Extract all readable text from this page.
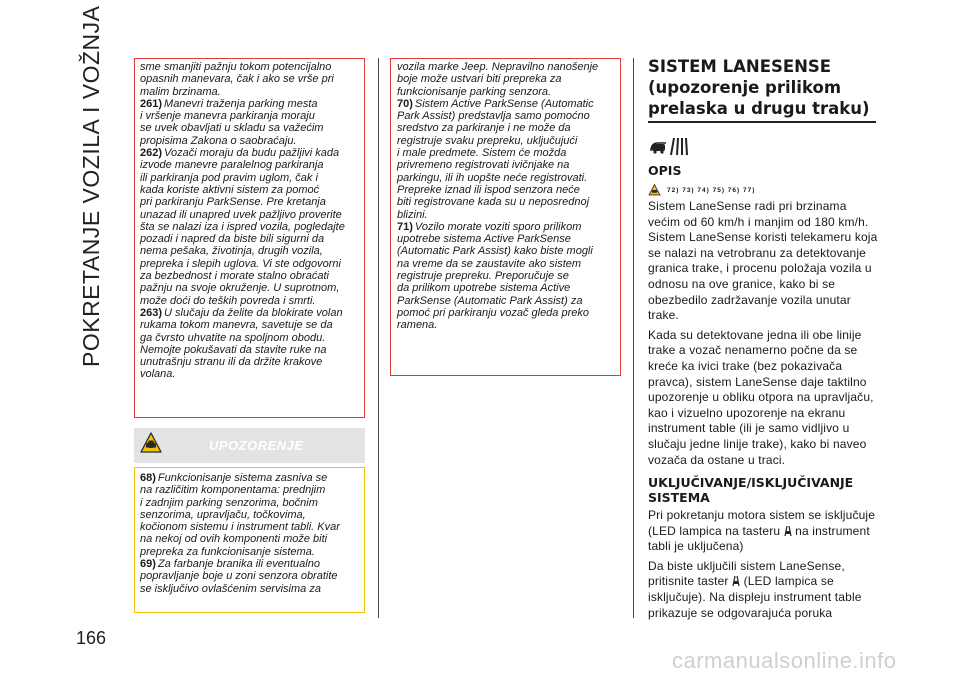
POKRETANJE VOZILA I VOŽNJA
166

sme smanjiti pažnju tokom potencijalno
opasnih manevara, čak i ako se vrše pri
malim brzinama.

261) Manevri traženja parking mesta
i vršenje manevra parkiranja moraju
se uvek obavljati u skladu sa važećim
propisima Zakona o saobraćaju.

262) Vozači moraju da budu pažljivi kada
izvode manevre paralelnog parkiranja
ili parkiranja pod pravim uglom, čak i
kada koriste aktivni sistem za pomoć
pri parkiranju ParkSense. Pre kretanja
unazad ili unapred uvek pažljivo proverite
šta se nalazi iza i ispred vozila, pogledajte
pozadi i napred da biste bili sigurni da
nema pešaka, životinja, drugih vozila,
prepreka i slepih uglova. Vi ste odgovorni
za bezbednost i morate stalno obraćati
pažnju na svoje okruženje. U suprotnom,
može doći do teških povreda i smrti.

263) U slučaju da želite da blokirate volan
rukama tokom manevra, savetuje se da
ga čvrsto uhvatite na spoljnom obodu.
Nemojte pokušavati da stavite ruke na
unutrašnju stranu ili da držite krakove
volana.

UPOZORENJE

68) Funkcionisanje sistema zasniva se
na različitim komponentama: prednjim
i zadnjim parking senzorima, bočnim
senzorima, upravljaču, točkovima,
kočionom sistemu i instrument tabli. Kvar
na nekoj od ovih komponenti može biti
prepreka za funkcionisanje sistema.

69) Za farbanje branika ili eventualno
popravljanje boje u zoni senzora obratite
se isključivo ovlašćenim servisima za

vozila marke Jeep. Nepravilno nanošenje
boje može ustvari biti prepreka za
funkcionisanje parking senzora.

70) Sistem Active ParkSense (Automatic
Park Assist) predstavlja samo pomoćno
sredstvo za parkiranje i ne može da
registruje svaku prepreku, uključujući
i male predmete. Sistem će možda
privremeno registrovati ivičnjake na
parkingu, ili ih uopšte neće registrovati.
Prepreke iznad ili ispod senzora neće
biti registrovane kada su u neposrednoj
blizini.

71) Vozilo morate voziti sporo prilikom
upotrebe sistema Active ParkSense
(Automatic Park Assist) kako biste mogli
na vreme da se zaustavite ako sistem
registruje prepreku. Preporučuje se
da prilikom upotrebe sistema Active
ParkSense (Automatic Park Assist) za
pomoć pri parkiranju vozač gleda preko
ramena.

SISTEM LANESENSE
(upozorenje prilikom
prelaska u drugu traku)
OPIS
72) 73) 74) 75) 76) 77)

Sistem LaneSense radi pri brzinama većim od 60 km/h i manjim od 180 km/h. Sistem LaneSense koristi telekameru koja se nalazi na vetrobranu za detektovanje granica trake, i procenu položaja vozila u odnosu na ove granice, kako bi se obezbedilo zadržavanje vozila unutar trake.

Kada su detektovane jedna ili obe linije trake a vozač nenamerno počne da se kreće ka ivici trake (bez pokazivača pravca), sistem LaneSense daje taktilno upozorenje u obliku otpora na upravljaču, kao i vizuelno upozorenje na ekranu instrument table (ili je samo vidljivo u slučaju jedne linije trake), kako bi naveo vozača da ostane u traci.

UKLJUČIVANJE/ISKLJUČIVANJE
SISTEMA

Pri pokretanju motora sistem se isključuje (LED lampica na tasteru na instrument tabli je uključena)

Da biste uključili sistem LaneSense, pritisnite taster (LED lampica se isključuje). Na displeju instrument table prikazuje se odgovarajuća poruka

carmanualsonline.info
